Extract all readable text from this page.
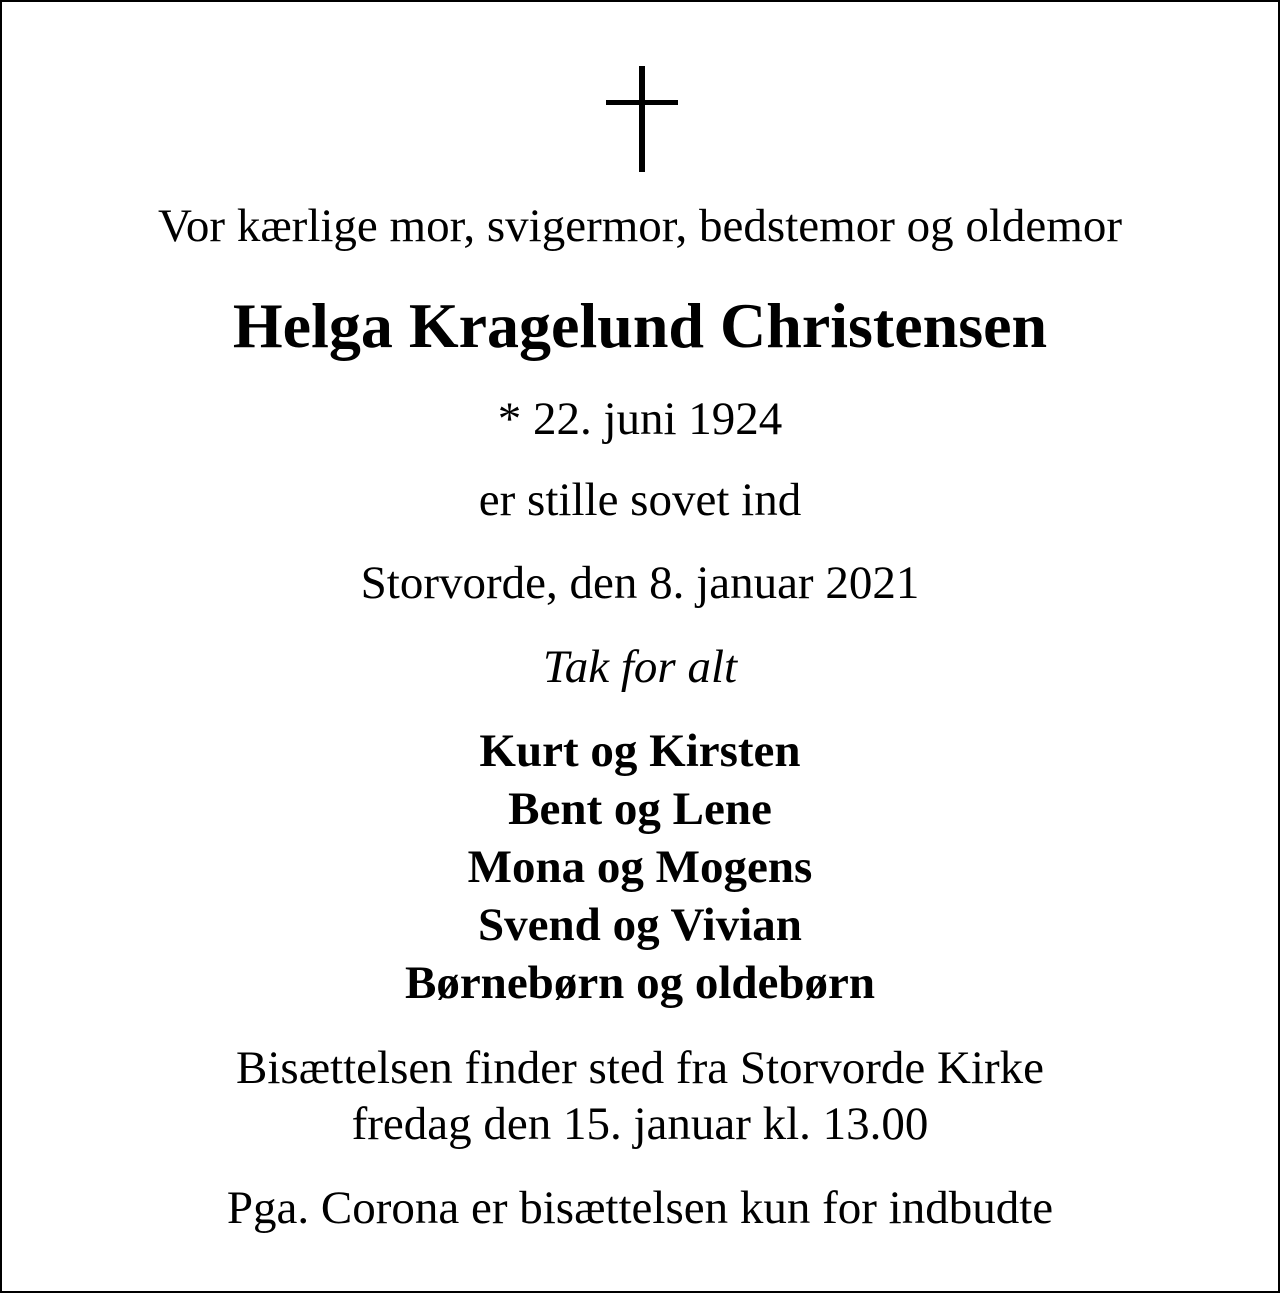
Vor kærlige mor, svigermor, bedstemor og oldemor

Helga Kragelund Christensen

* 22. juni 1924

er stille sovet ind

Storvorde, den 8. januar 2021

Tak for alt

Kurt og Kirsten
Bent og Lene
Mona og Mogens
Svend og Vivian
Børnebørn og oldebørn
Bisættelsen finder sted fra Storvorde Kirke
fredag den 15. januar kl. 13.00

Pga. Corona er bisættelsen kun for indbudte
